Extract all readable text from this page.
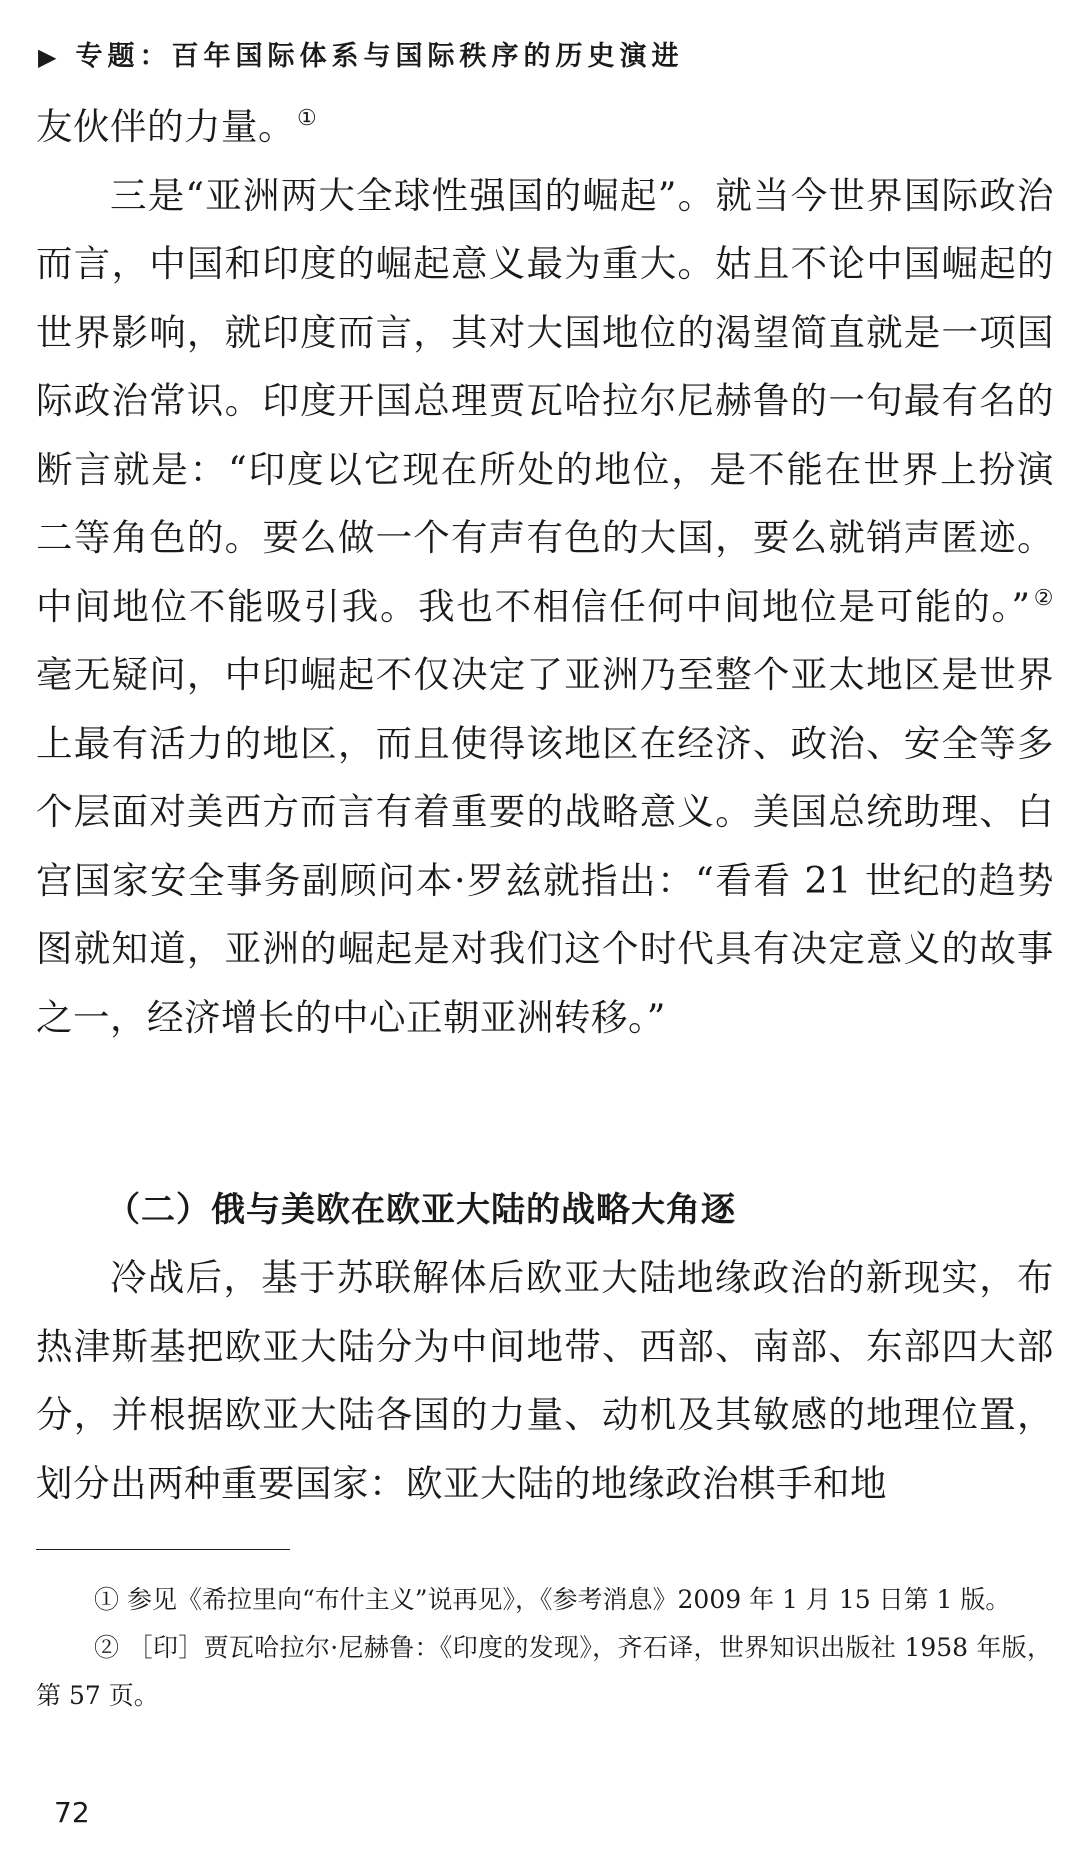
▶ 专题：百年国际体系与国际秩序的历史演进

友伙伴的力量。①

三是“亚洲两大全球性强国的崛起”。就当今世界国际政治而言，中国和印度的崛起意义最为重大。姑且不论中国崛起的世界影响，就印度而言，其对大国地位的渴望简直就是一项国际政治常识。印度开国总理贾瓦哈拉尔尼赫鲁的一句最有名的断言就是：“印度以它现在所处的地位，是不能在世界上扮演二等角色的。要么做一个有声有色的大国，要么就销声匿迹。中间地位不能吸引我。我也不相信任何中间地位是可能的。”② 毫无疑问，中印崛起不仅决定了亚洲乃至整个亚太地区是世界上最有活力的地区，而且使得该地区在经济、政治、安全等多个层面对美西方而言有着重要的战略意义。美国总统助理、白宫国家安全事务副顾问本·罗兹就指出：“看看 21 世纪的趋势图就知道，亚洲的崛起是对我们这个时代具有决定意义的故事之一，经济增长的中心正朝亚洲转移。”

（二）俄与美欧在欧亚大陆的战略大角逐

冷战后，基于苏联解体后欧亚大陆地缘政治的新现实，布热津斯基把欧亚大陆分为中间地带、西部、南部、东部四大部分，并根据欧亚大陆各国的力量、动机及其敏感的地理位置，划分出两种重要国家：欧亚大陆的地缘政治棋手和地

① 参见《希拉里向“布什主义”说再见》，《参考消息》2009 年 1 月 15 日第 1 版。

② ［印］贾瓦哈拉尔·尼赫鲁：《印度的发现》，齐石译，世界知识出版社 1958 年版，第 57 页。

72
